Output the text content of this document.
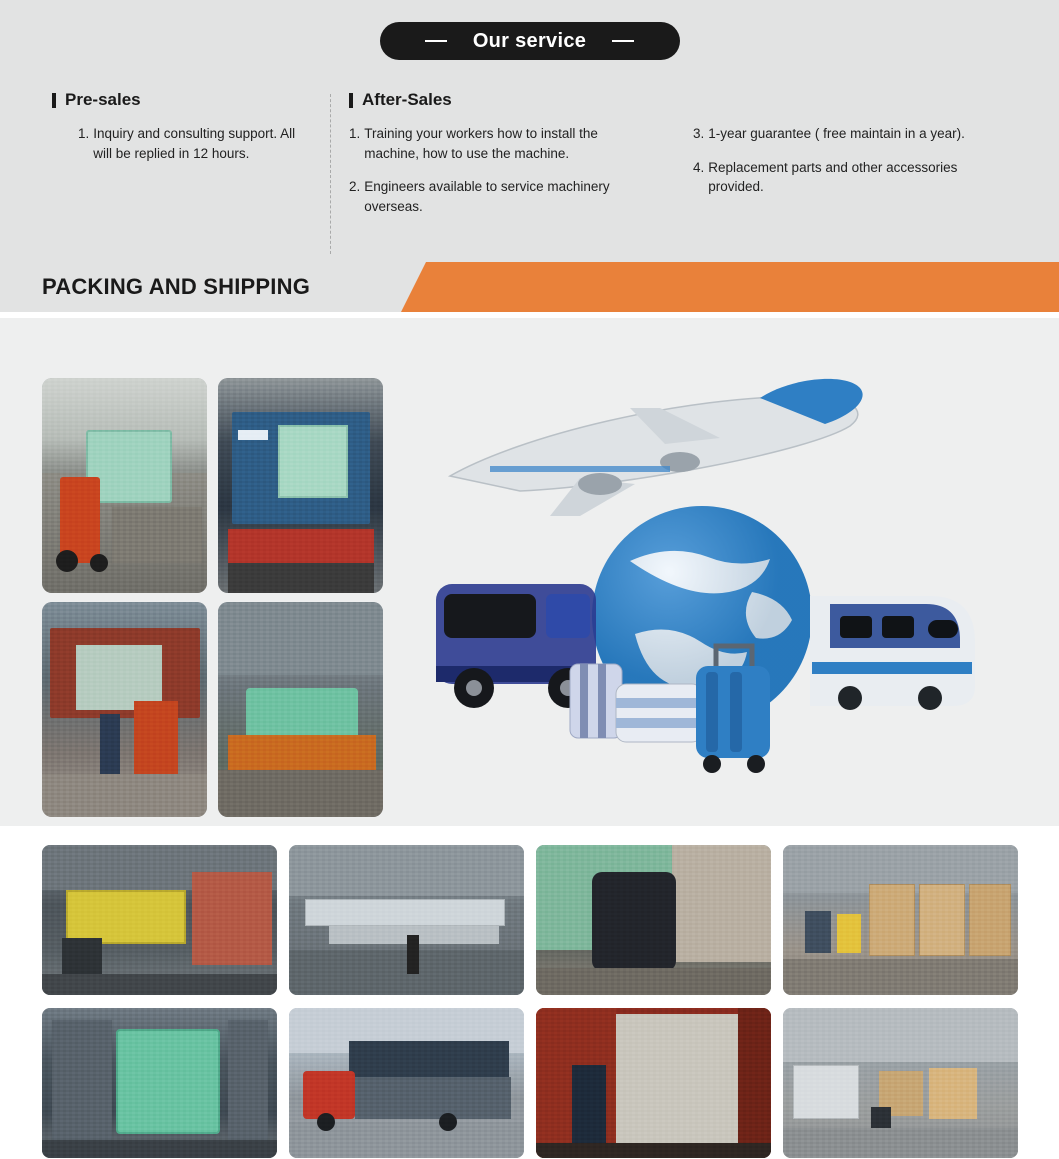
Our service
Pre-sales
1. Inquiry and consulting support. All will be replied in 12 hours.
After-Sales
1. Training your workers how to install the machine, how to use the machine.
2. Engineers available to service machinery overseas.
3. 1-year guarantee ( free maintain in a year).
4. Replacement parts and other accessories provided.
PACKING AND SHIPPING
